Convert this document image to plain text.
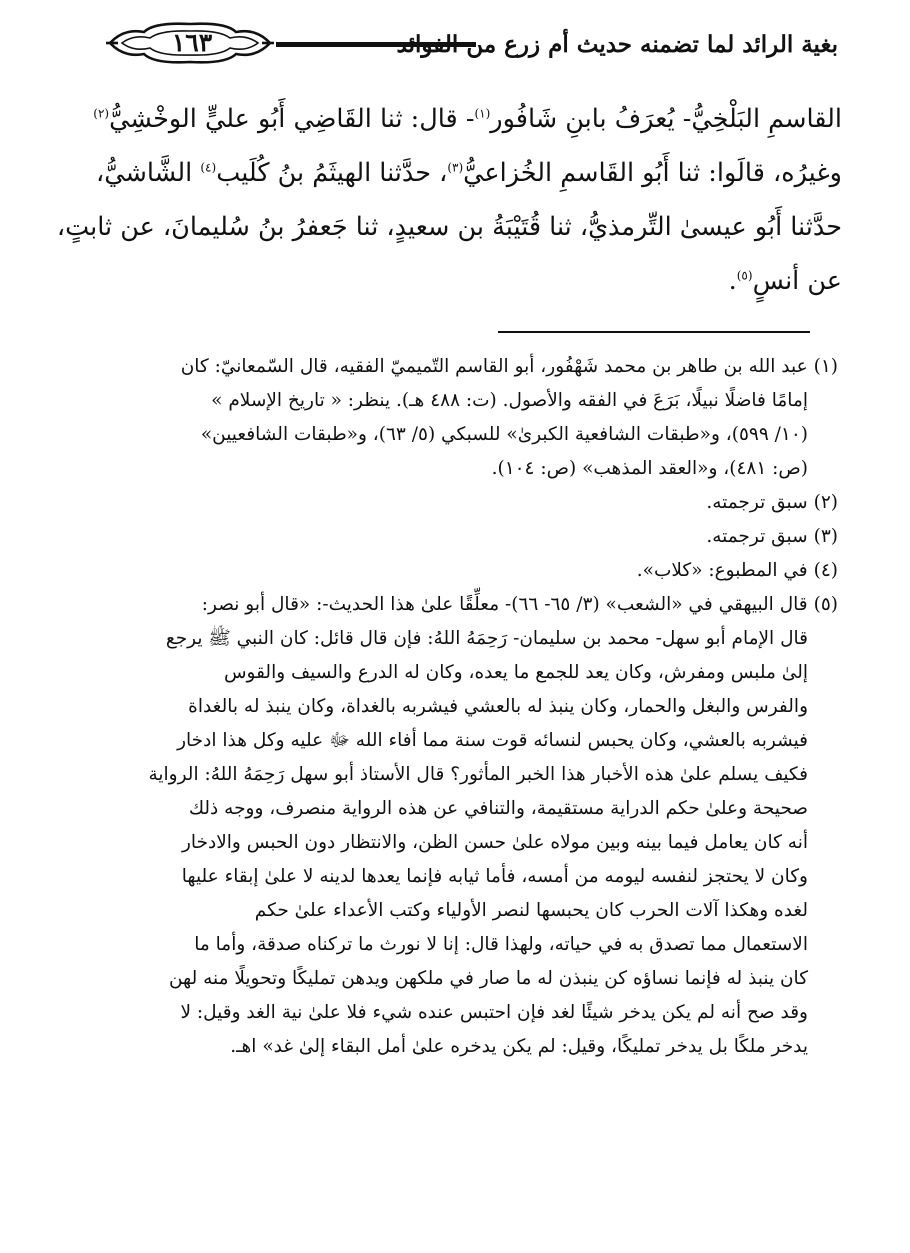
١٦٣	بغية الرائد لما تضمنه حديث أم زرع من الفوائد
القاسمِ البَلْخِيُّ- يُعرَفُ بابنِ شَافُور$^{(١)}$- قال: ثنا القَاضِي أَبُو عليٍّ الوخْشِيُّ$^{(٢)}$
وغيرُه، قالَوا: ثنا أَبُو القَاسمِ الخُزاعيُّ$^{(٣)}$، حدَّثنا الهيثَمُ بنُ كُلَيب$^{(٤)}$ الشَّاشيُّ،
حدَّثنا أَبُو عيسىٰ التِّرمذيُّ، ثنا قُتَيْبَةُ بن سعيدٍ، ثنا جَعفرُ بنُ سُليمانَ، عن ثابتٍ،
عن أنسٍ$^{(٥)}$.
(١)عبد الله بن طاهر بن محمد شَهْفُور، أبو القاسم التّميميّ الفقيه، قال السّمعانيّ: كان
إمامًا فاضلًا نبيلًا، بَرَعَ في الفقه والأصول. (ت: ٤٨٨ هـ). ينظر: « تاريخ الإسلام »
(١٠/ ٥٩٩)، و«طبقات الشافعية الكبرىٰ» للسبكي (٥/ ٦٣)، و«طبقات الشافعيين»
(ص: ٤٨١)، و«العقد المذهب» (ص: ١٠٤).
(٢)سبق ترجمته.
(٣)سبق ترجمته.
(٤)في المطبوع: «كلاب».
(٥)قال البيهقي في «الشعب» (٣/ ٦٥- ٦٦)- معلِّقًا علىٰ هذا الحديث-: «قال أبو نصر:
قال الإمام أبو سهل- محمد بن سليمان- رَحِمَهُ اللهُ: فإن قال قائل: كان النبي ﷺ يرجع
إلىٰ ملبس ومفرش، وكان يعد للجمع ما يعده، وكان له الدرع والسيف والقوس
والفرس والبغل والحمار، وكان ينبذ له بالعشي فيشربه بالغداة، وكان ينبذ له بالغداة
فيشربه بالعشي، وكان يحبس لنسائه قوت سنة مما أفاء الله ﷻ عليه وكل هذا ادخار
فكيف يسلم علىٰ هذه الأخبار هذا الخبر المأثور؟ قال الأستاذ أبو سهل رَحِمَهُ اللهُ: الرواية
صحيحة وعلىٰ حكم الدراية مستقيمة، والتنافي عن هذه الرواية منصرف، ووجه ذلك
أنه كان يعامل فيما بينه وبين مولاه علىٰ حسن الظن، والانتظار دون الحبس والادخار
وكان لا يحتجز لنفسه ليومه من أمسه، فأما ثيابه فإنما يعدها لدينه لا علىٰ إبقاء عليها
لغده وهكذا آلات الحرب كان يحبسها لنصر الأولياء وكتب الأعداء علىٰ حكم
الاستعمال مما تصدق به في حياته، ولهذا قال: إنا لا نورث ما تركناه صدقة، وأما ما
كان ينبذ له فإنما نساؤه كن ينبذن له ما صار في ملكهن ويدهن تمليكًا وتحويلًا منه لهن
وقد صح أنه لم يكن يدخر شيئًا لغد فإن احتبس عنده شيء فلا علىٰ نية الغد وقيل: لا
يدخر ملكًا بل يدخر تمليكًا، وقيل: لم يكن يدخره علىٰ أمل البقاء إلىٰ غد» اهـ.
